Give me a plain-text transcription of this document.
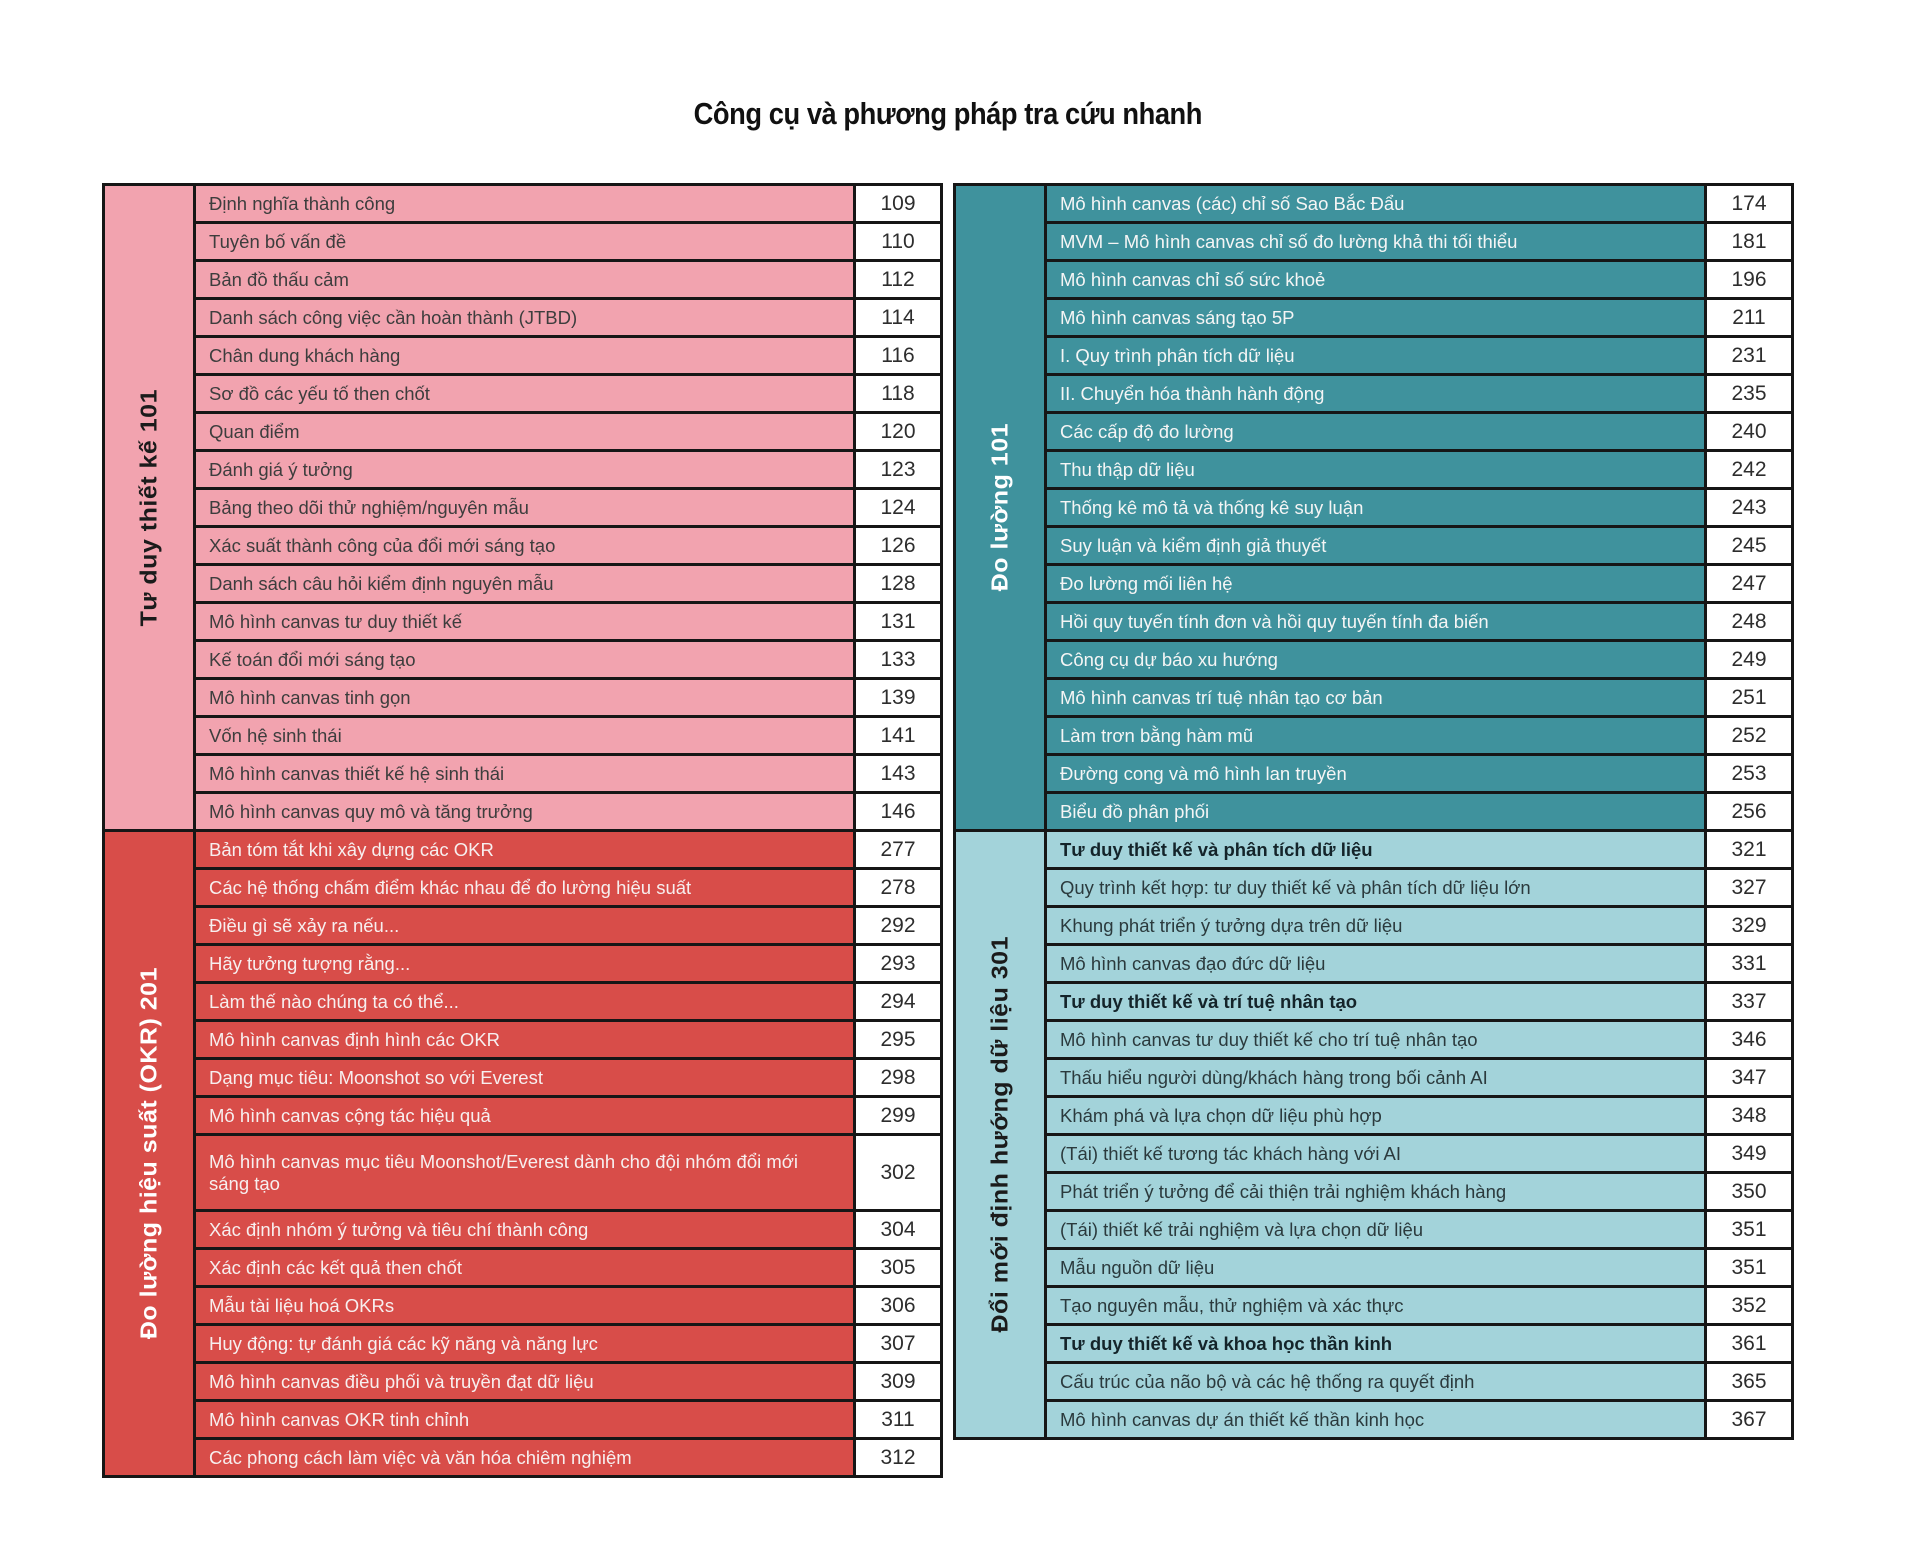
Công cụ và phương pháp tra cứu nhanh
Tư duy thiết kế 101
Định nghĩa thành công	109
Tuyên bố vấn đề	110
Bản đồ thấu cảm	112
Danh sách công việc cần hoàn thành (JTBD)	114
Chân dung khách hàng	116
Sơ đồ các yếu tố then chốt	118
Quan điểm	120
Đánh giá ý tưởng	123
Bảng theo dõi thử nghiệm/nguyên mẫu	124
Xác suất thành công của đổi mới sáng tạo	126
Danh sách câu hỏi kiểm định nguyên mẫu	128
Mô hình canvas tư duy thiết kế	131
Kế toán đổi mới sáng tạo	133
Mô hình canvas tinh gọn	139
Vốn hệ sinh thái	141
Mô hình canvas thiết kế hệ sinh thái	143
Mô hình canvas quy mô và tăng trưởng	146
Đo lường hiệu suất (OKR) 201
Bản tóm tắt khi xây dựng các OKR	277
Các hệ thống chấm điểm khác nhau để đo lường hiệu suất	278
Điều gì sẽ xảy ra nếu...	292
Hãy tưởng tượng rằng...	293
Làm thế nào chúng ta có thể...	294
Mô hình canvas định hình các OKR	295
Dạng mục tiêu: Moonshot so với Everest	298
Mô hình canvas cộng tác hiệu quả	299
Mô hình canvas mục tiêu Moonshot/Everest dành cho đội nhóm đổi mới sáng tạo	302
Xác định nhóm ý tưởng và tiêu chí thành công	304
Xác định các kết quả then chốt	305
Mẫu tài liệu hoá OKRs	306
Huy động: tự đánh giá các kỹ năng và năng lực	307
Mô hình canvas điều phối và truyền đạt dữ liệu	309
Mô hình canvas OKR tinh chỉnh	311
Các phong cách làm việc và văn hóa chiêm nghiệm	312
Đo lường 101
Mô hình canvas (các) chỉ số Sao Bắc Đẩu	174
MVM – Mô hình canvas chỉ số đo lường khả thi tối thiểu	181
Mô hình canvas chỉ số sức khoẻ	196
Mô hình canvas sáng tạo 5P	211
I. Quy trình phân tích dữ liệu	231
II. Chuyển hóa thành hành động	235
Các cấp độ đo lường	240
Thu thập dữ liệu	242
Thống kê mô tả và thống kê suy luận	243
Suy luận và kiểm định giả thuyết	245
Đo lường mối liên hệ	247
Hồi quy tuyến tính đơn và hồi quy tuyến tính đa biến	248
Công cụ dự báo xu hướng	249
Mô hình canvas trí tuệ nhân tạo cơ bản	251
Làm trơn bằng hàm mũ	252
Đường cong và mô hình lan truyền	253
Biểu đồ phân phối	256
Đổi mới định hướng dữ liệu 301
Tư duy thiết kế và phân tích dữ liệu	321
Quy trình kết hợp: tư duy thiết kế và phân tích dữ liệu lớn	327
Khung phát triển ý tưởng dựa trên dữ liệu	329
Mô hình canvas đạo đức dữ liệu	331
Tư duy thiết kế và trí tuệ nhân tạo	337
Mô hình canvas tư duy thiết kế cho trí tuệ nhân tạo	346
Thấu hiểu người dùng/khách hàng trong bối cảnh AI	347
Khám phá và lựa chọn dữ liệu phù hợp	348
(Tái) thiết kế tương tác khách hàng với AI	349
Phát triển ý tưởng để cải thiện trải nghiệm khách hàng	350
(Tái) thiết kế trải nghiệm và lựa chọn dữ liệu	351
Mẫu nguồn dữ liệu	351
Tạo nguyên mẫu, thử nghiệm và xác thực	352
Tư duy thiết kế và khoa học thần kinh	361
Cấu trúc của não bộ và các hệ thống ra quyết định	365
Mô hình canvas dự án thiết kế thần kinh học	367
